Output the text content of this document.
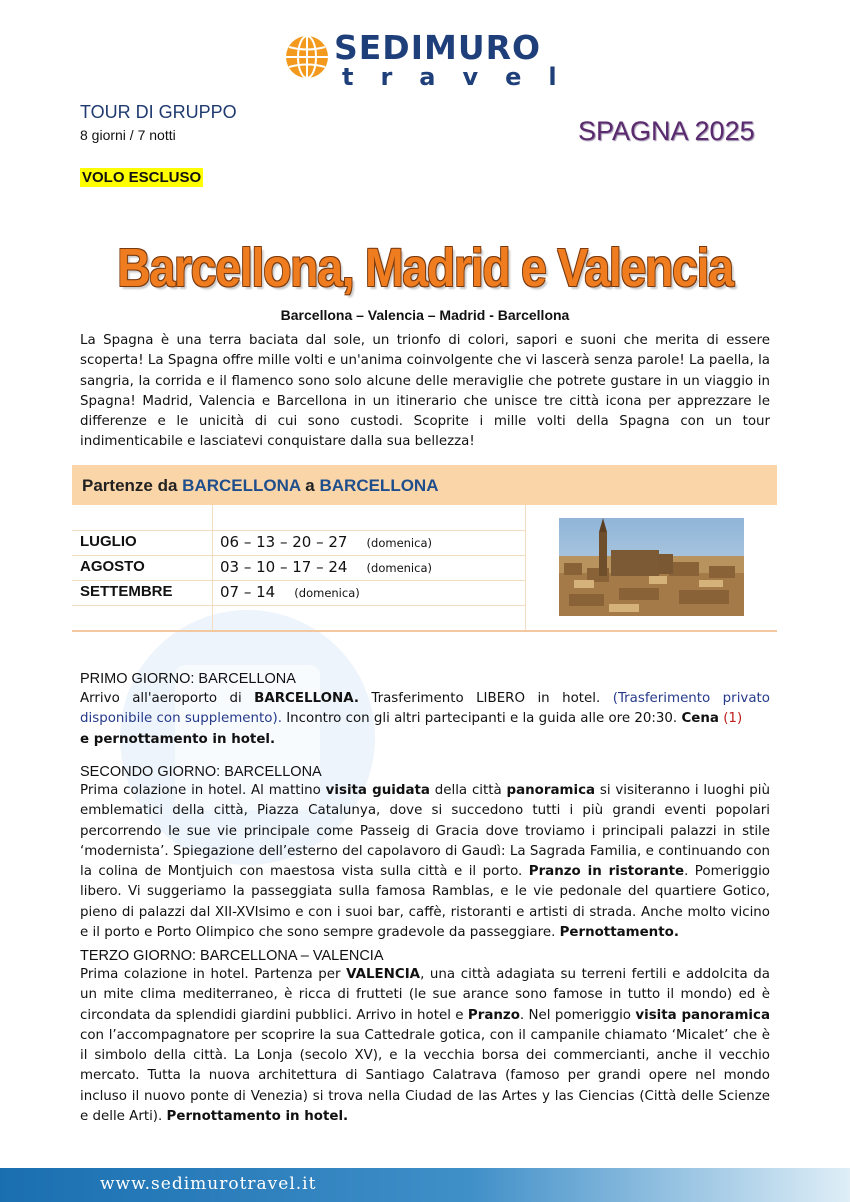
SEDIMURO
travel
TOUR DI GRUPPO
8 giorni / 7 notti
VOLO ESCLUSO
SPAGNA 2025
Barcellona, Madrid e Valencia
Barcellona – Valencia – Madrid - Barcellona
La Spagna è una terra baciata dal sole, un trionfo di colori, sapori e suoni che merita di essere scoperta! La Spagna offre mille volti e un'anima coinvolgente che vi lascerà senza parole! La paella, la sangria, la corrida e il flamenco sono solo alcune delle meraviglie che potrete gustare in un viaggio in Spagna! Madrid, Valencia e Barcellona in un itinerario che unisce tre città icona per apprezzare le differenze e le unicità di cui sono custodi. Scoprite i mille volti della Spagna con un tour indimenticabile e lasciatevi conquistare dalla sua bellezza!
Partenze da BARCELLONA a BARCELLONA
LUGLIO	06 – 13 – 20 – 27 (domenica)
AGOSTO	03 – 10 – 17 – 24 (domenica)
SETTEMBRE	07 – 14 (domenica)
PRIMO GIORNO: BARCELLONA
Arrivo all'aeroporto di BARCELLONA. Trasferimento LIBERO in hotel. (Trasferimento privato disponibile con supplemento). Incontro con gli altri partecipanti e la guida alle ore 20:30. Cena (1)
e pernottamento in hotel.
SECONDO GIORNO: BARCELLONA
Prima colazione in hotel. Al mattino visita guidata della città panoramica si visiteranno i luoghi più emblematici della città, Piazza Catalunya, dove si succedono tutti i più grandi eventi popolari percorrendo le sue vie principale come Passeig di Gracia dove troviamo i principali palazzi in stile ‘modernista’. Spiegazione dell’esterno del capolavoro di Gaudì: La Sagrada Familia, e continuando con la colina de Montjuich con maestosa vista sulla città e il porto. Pranzo in ristorante. Pomeriggio libero. Vi suggeriamo la passeggiata sulla famosa Ramblas, e le vie pedonale del quartiere Gotico, pieno di palazzi dal XII-XVIsimo e con i suoi bar, caffè, ristoranti e artisti di strada. Anche molto vicino e il porto e Porto Olimpico che sono sempre gradevole da passeggiare. Pernottamento.
TERZO GIORNO: BARCELLONA – VALENCIA
Prima colazione in hotel. Partenza per VALENCIA, una città adagiata su terreni fertili e addolcita da un mite clima mediterraneo, è ricca di frutteti (le sue arance sono famose in tutto il mondo) ed è circondata da splendidi giardini pubblici. Arrivo in hotel e Pranzo. Nel pomeriggio visita panoramica con l’accompagnatore per scoprire la sua Cattedrale gotica, con il campanile chiamato ‘Micalet’ che è il simbolo della città. La Lonja (secolo XV), e la vecchia borsa dei commercianti, anche il vecchio mercato. Tutta la nuova architettura di Santiago Calatrava (famoso per grandi opere nel mondo incluso il nuovo ponte di Venezia) si trova nella Ciudad de las Artes y las Ciencias (Città delle Scienze e delle Arti). Pernottamento in hotel.
www.sedimurotravel.it
